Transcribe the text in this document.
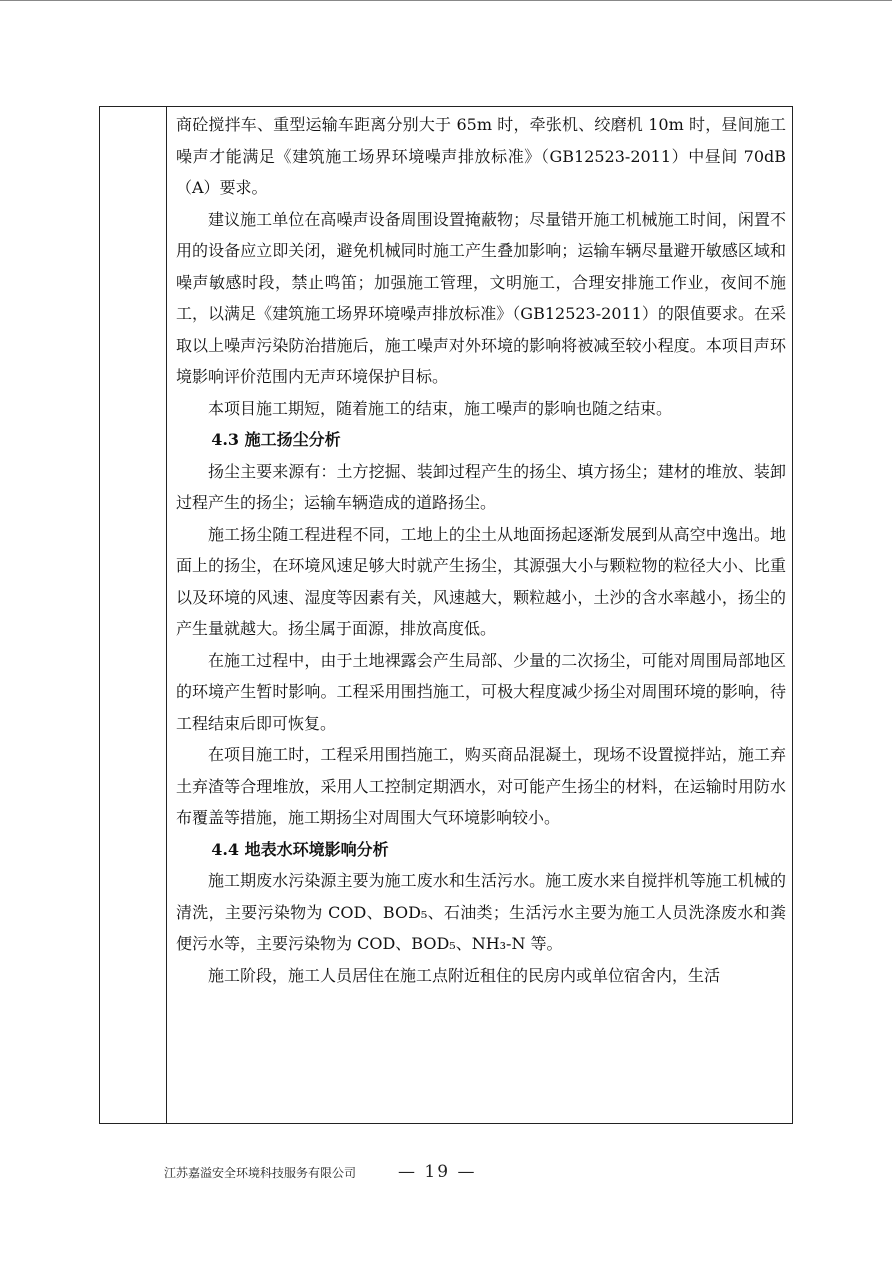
商砼搅拌车、重型运输车距离分别大于 65m 时，牵张机、绞磨机 10m 时，昼间施工噪声才能满足《建筑施工场界环境噪声排放标准》（GB12523-2011）中昼间 70dB（A）要求。

建议施工单位在高噪声设备周围设置掩蔽物；尽量错开施工机械施工时间，闲置不用的设备应立即关闭，避免机械同时施工产生叠加影响；运输车辆尽量避开敏感区域和噪声敏感时段，禁止鸣笛；加强施工管理，文明施工，合理安排施工作业，夜间不施工，以满足《建筑施工场界环境噪声排放标准》（GB12523-2011）的限值要求。在采取以上噪声污染防治措施后，施工噪声对外环境的影响将被减至较小程度。本项目声环境影响评价范围内无声环境保护目标。

本项目施工期短，随着施工的结束，施工噪声的影响也随之结束。

4.3 施工扬尘分析

扬尘主要来源有：土方挖掘、装卸过程产生的扬尘、填方扬尘；建材的堆放、装卸过程产生的扬尘；运输车辆造成的道路扬尘。

施工扬尘随工程进程不同，工地上的尘土从地面扬起逐渐发展到从高空中逸出。地面上的扬尘，在环境风速足够大时就产生扬尘，其源强大小与颗粒物的粒径大小、比重以及环境的风速、湿度等因素有关，风速越大，颗粒越小，土沙的含水率越小，扬尘的产生量就越大。扬尘属于面源，排放高度低。

在施工过程中，由于土地裸露会产生局部、少量的二次扬尘，可能对周围局部地区的环境产生暂时影响。工程采用围挡施工，可极大程度减少扬尘对周围环境的影响，待工程结束后即可恢复。

在项目施工时，工程采用围挡施工，购买商品混凝土，现场不设置搅拌站，施工弃土弃渣等合理堆放，采用人工控制定期洒水，对可能产生扬尘的材料，在运输时用防水布覆盖等措施，施工期扬尘对周围大气环境影响较小。

4.4 地表水环境影响分析

施工期废水污染源主要为施工废水和生活污水。施工废水来自搅拌机等施工机械的清洗，主要污染物为 COD、BOD₅、石油类；生活污水主要为施工人员洗涤废水和粪便污水等，主要污染物为 COD、BOD₅、NH₃-N 等。

施工阶段，施工人员居住在施工点附近租住的民房内或单位宿舍内，生活

江苏嘉溢安全环境科技服务有限公司 — 19 —
